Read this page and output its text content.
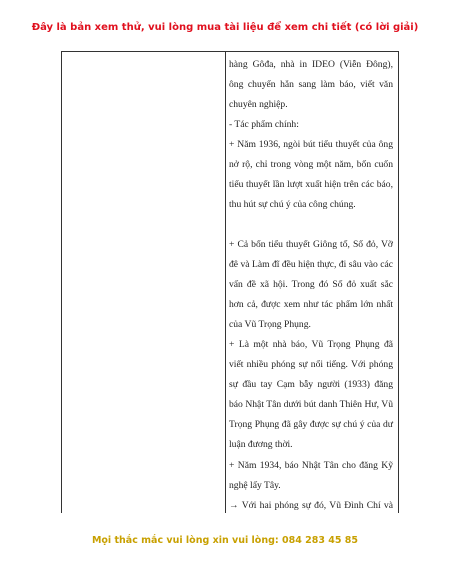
Đây là bản xem thử, vui lòng mua tài liệu để xem chi tiết (có lời giải)

hàng Gôđa, nhà in IDEO (Viễn Đông), ông chuyển hẳn sang làm báo, viết văn chuyên nghiệp.

- Tác phẩm chính:

+ Năm 1936, ngòi bút tiểu thuyết của ông nở rộ, chỉ trong vòng một năm, bốn cuốn tiểu thuyết lần lượt xuất hiện trên các báo, thu hút sự chú ý của công chúng.

+ Cả bốn tiểu thuyết Giông tố, Số đỏ, Vỡ đê và Làm đĩ đều hiện thực, đi sâu vào các vấn đề xã hội. Trong đó Số đỏ xuất sắc hơn cả, được xem như tác phẩm lớn nhất của Vũ Trọng Phụng.

+ Là một nhà báo, Vũ Trọng Phụng đã viết nhiều phóng sự nổi tiếng. Với phóng sự đầu tay Cạm bẫy người (1933) đăng báo Nhật Tân dưới bút danh Thiên Hư, Vũ Trọng Phụng đã gây được sự chú ý của dư luận đương thời.

+ Năm 1934, báo Nhật Tân cho đăng Kỹ nghệ lấy Tây.

→ Với hai phóng sự đó, Vũ Đình Chí và

Mọi thắc mắc vui lòng xin vui lòng: 084 283 45 85
